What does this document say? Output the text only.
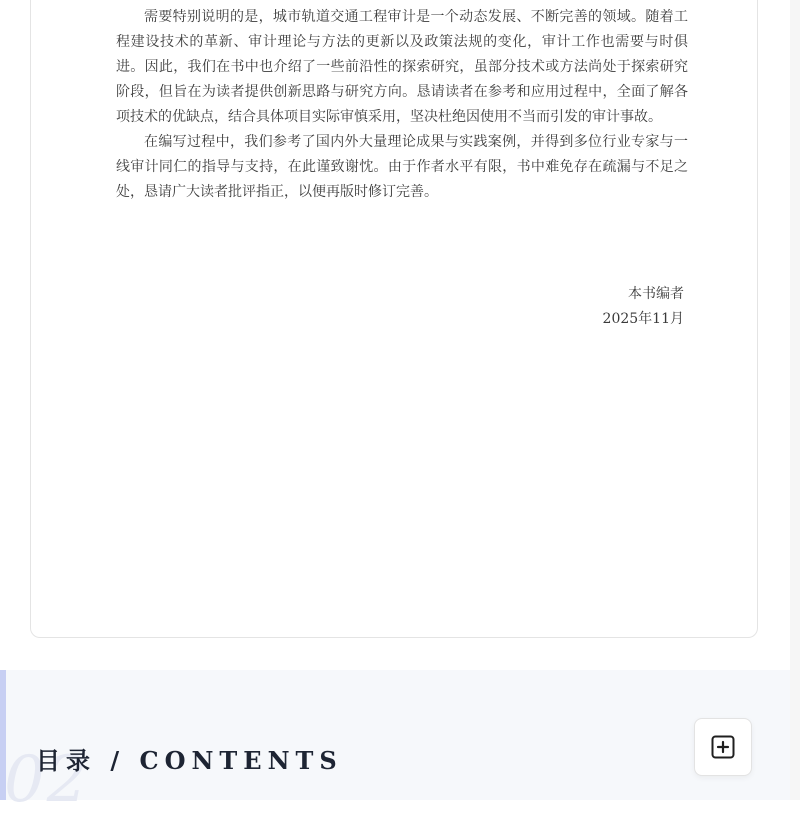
需要特别说明的是，城市轨道交通工程审计是一个动态发展、不断完善的领域。随着工程建设技术的革新、审计理论与方法的更新以及政策法规的变化，审计工作也需要与时俱进。因此，我们在书中也介绍了一些前沿性的探索研究，虽部分技术或方法尚处于探索研究阶段，但旨在为读者提供创新思路与研究方向。恳请读者在参考和应用过程中，全面了解各项技术的优缺点，结合具体项目实际审慎采用，坚决杜绝因使用不当而引发的审计事故。

在编写过程中，我们参考了国内外大量理论成果与实践案例，并得到多位行业专家与一线审计同仁的指导与支持，在此谨致谢忱。由于作者水平有限，书中难免存在疏漏与不足之处，恳请广大读者批评指正，以便再版时修订完善。

本书编者
2025年11月
02
目录 / CONTENTS
